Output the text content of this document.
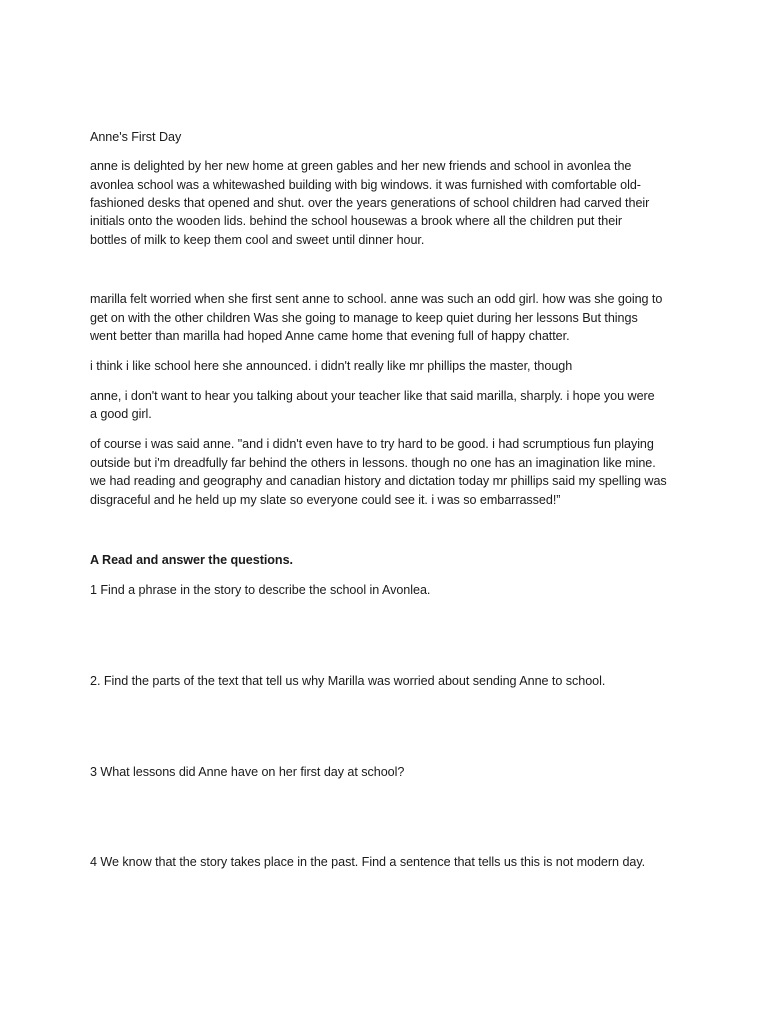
Anne's First Day
anne is delighted by her new home at green gables and her new friends and school in avonlea the
avonlea school was a whitewashed building with big windows. it was furnished with comfortable old-
fashioned desks that opened and shut. over the years generations of school children had carved their
initials onto the wooden lids. behind the school housewas a brook where all the children put their
bottles of milk to keep them cool and sweet until dinner hour.
marilla felt worried when she first sent anne to school. anne was such an odd girl. how was she going to
get on with the other children Was she going to manage to keep quiet during her lessons But things
went better than marilla had hoped Anne came home that evening full of happy chatter.
i think i like school here she announced. i didn't really like mr phillips the master, though
anne, i don't want to hear you talking about your teacher like that said marilla, sharply. i hope you were
a good girl.
of course i was said anne. "and i didn't even have to try hard to be good. i had scrumptious fun playing
outside but i'm dreadfully far behind the others in lessons. though no one has an imagination like mine.
we had reading and geography and canadian history and dictation today mr phillips said my spelling was
disgraceful and he held up my slate so everyone could see it. i was so embarrassed!”
A Read and answer the questions.
1 Find a phrase in the story to describe the school in Avonlea.
2. Find the parts of the text that tell us why Marilla was worried about sending Anne to school.
3 What lessons did Anne have on her first day at school?
4 We know that the story takes place in the past. Find a sentence that tells us this is not modern day.
